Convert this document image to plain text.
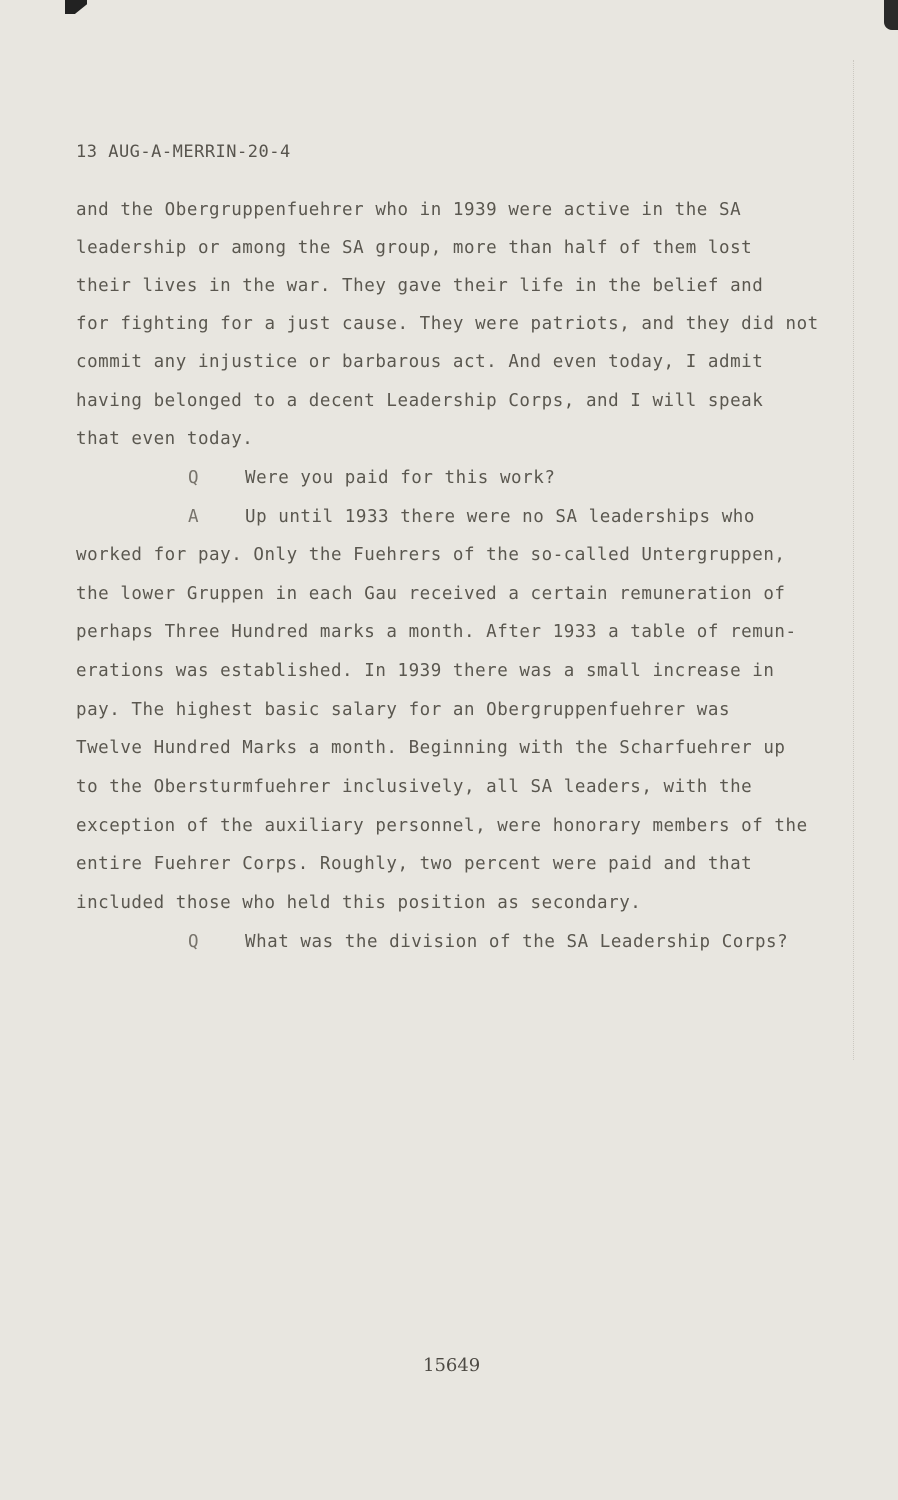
13 AUG-A-MERRIN-20-4
and the Obergruppenfuehrer who in 1939 were active in the SA
leadership or among the SA group, more than half of them lost
their lives in the war. They gave their life in the belief and
for fighting for a just cause. They were patriots, and they did not
commit any injustice or barbarous act. And even today, I admit
having belonged to a decent Leadership Corps, and I will speak
that even today.
Q	Were you paid for this work?
A	Up until 1933 there were no SA leaderships who
worked for pay. Only the Fuehrers of the so-called Untergruppen,
the lower Gruppen in each Gau received a certain remuneration of
perhaps Three Hundred marks a month. After 1933 a table of remun-
erations was established. In 1939 there was a small increase in
pay. The highest basic salary for an Obergruppenfuehrer was
Twelve Hundred Marks a month. Beginning with the Scharfuehrer up
to the Obersturmfuehrer inclusively, all SA leaders, with the
exception of the auxiliary personnel, were honorary members of the
entire Fuehrer Corps. Roughly, two percent were paid and that
included those who held this position as secondary.
Q	What was the division of the SA Leadership Corps?
15649
